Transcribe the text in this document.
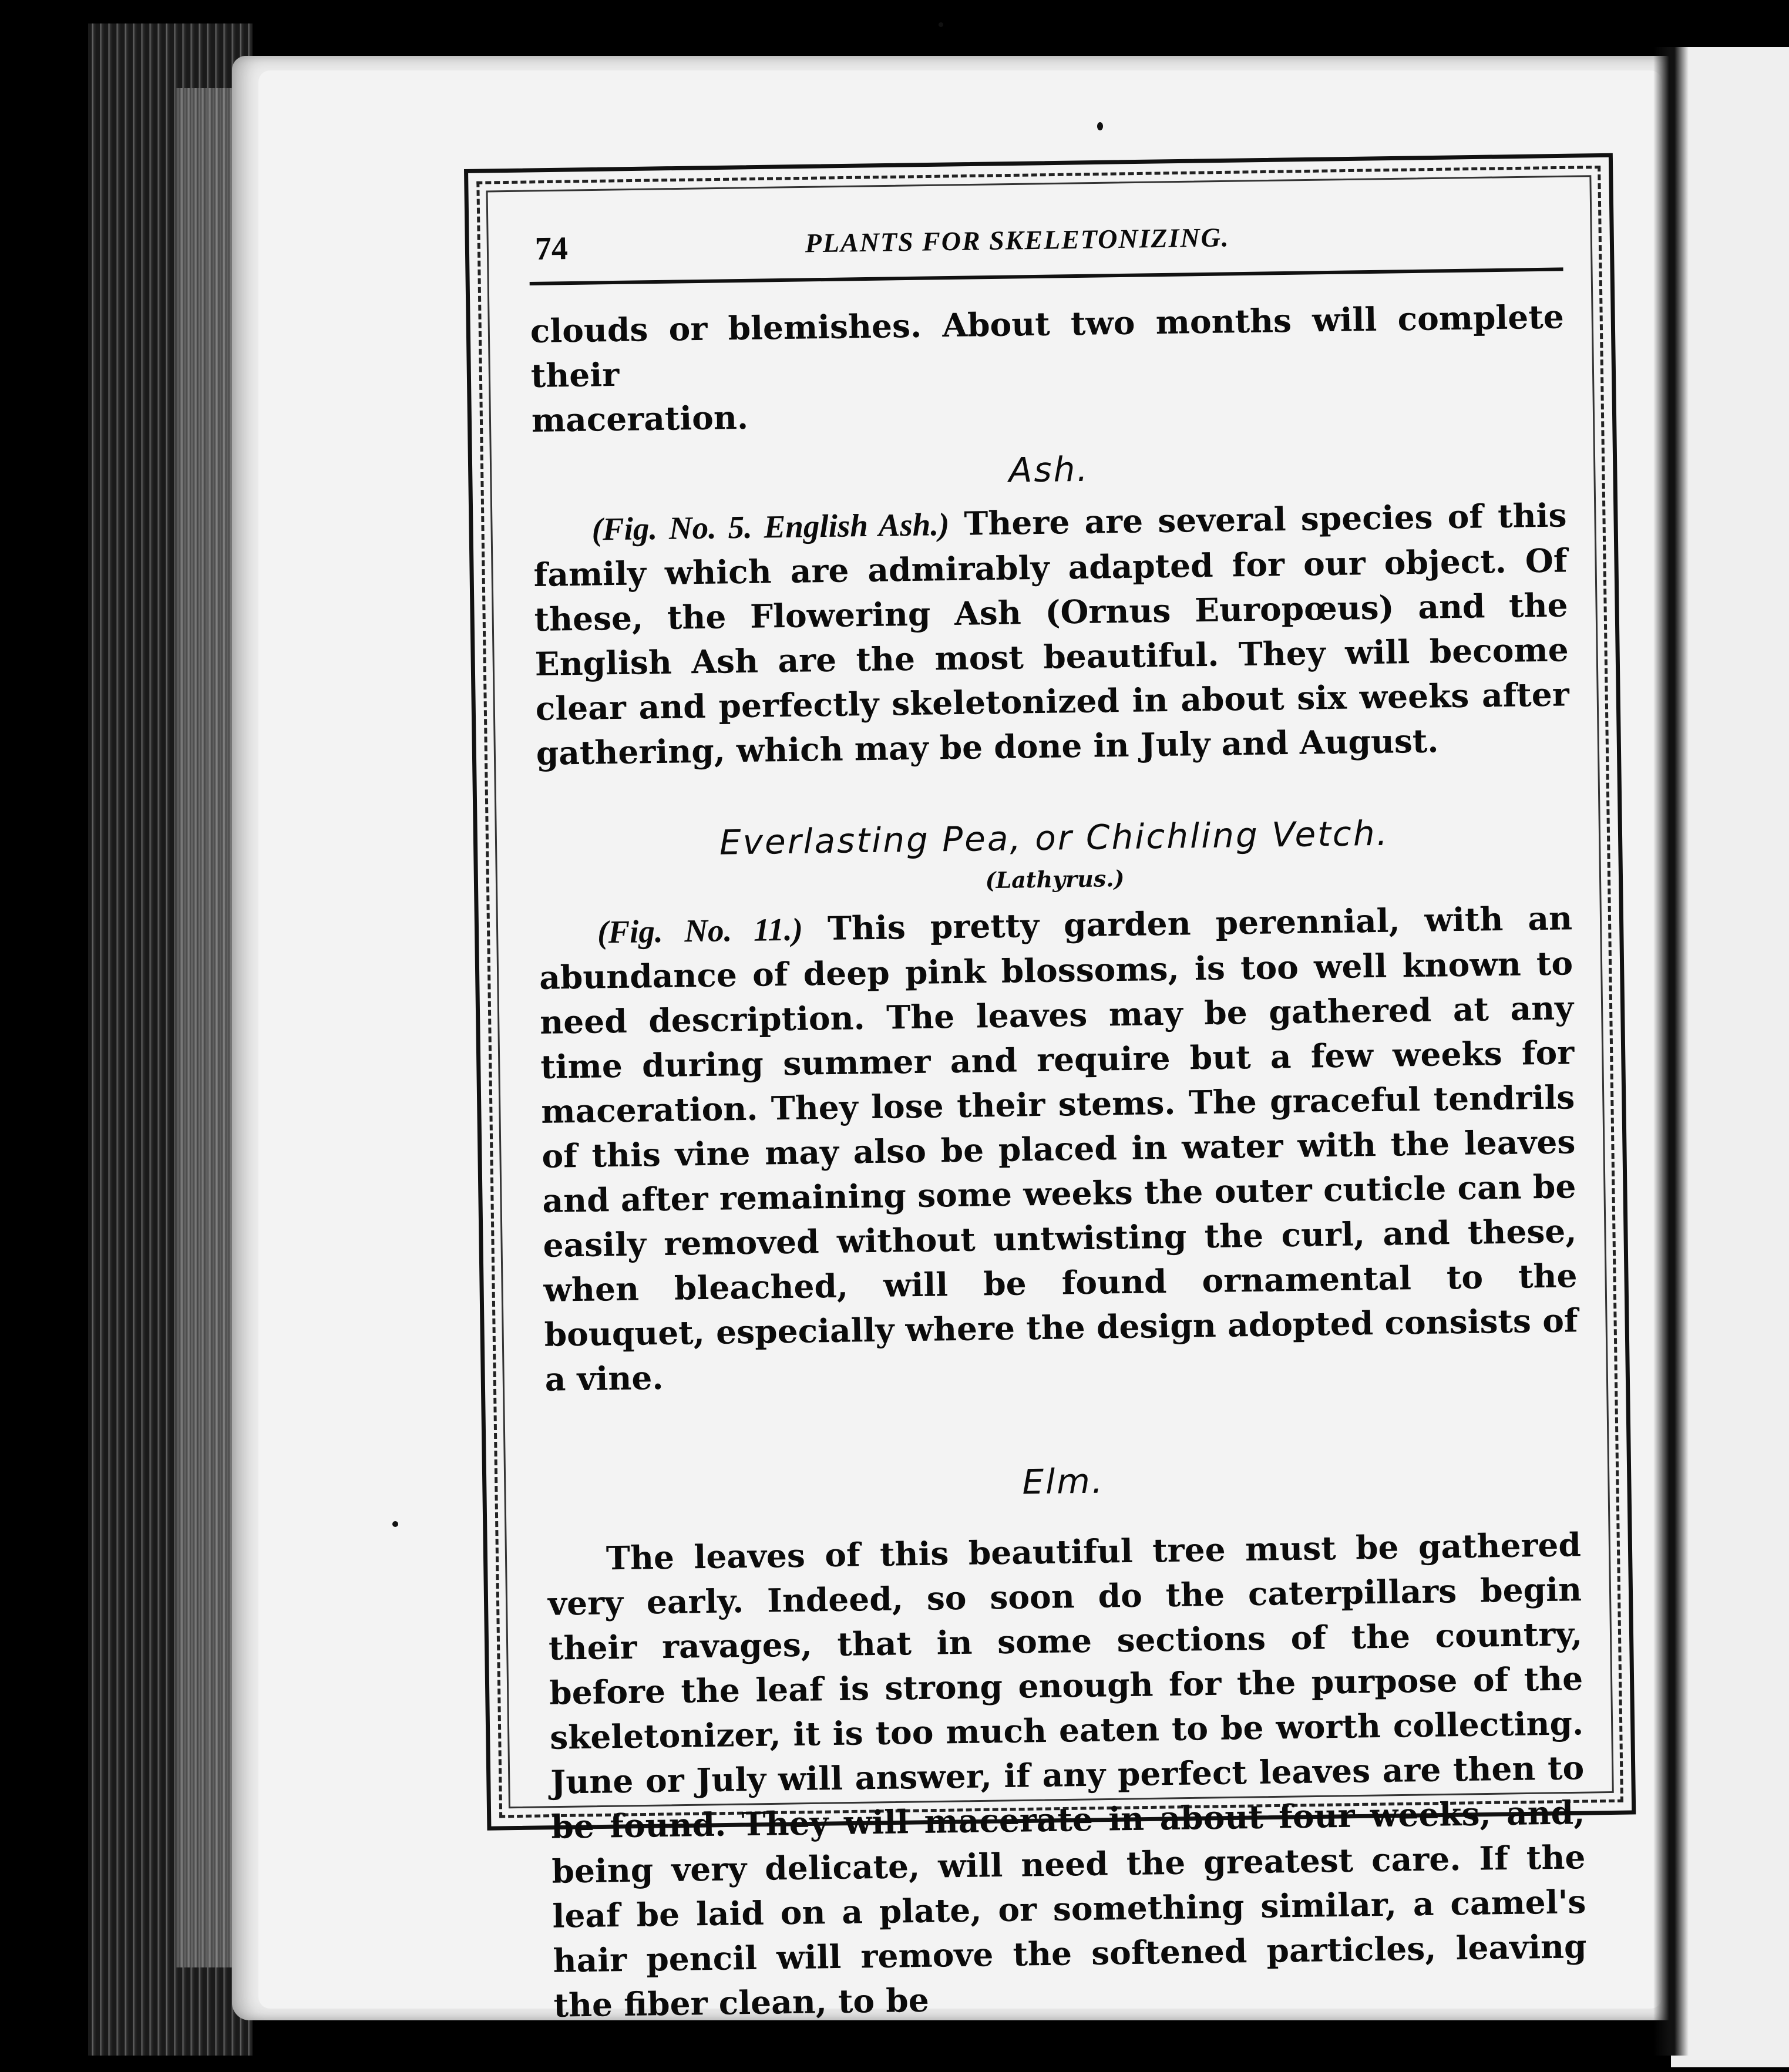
74	PLANTS FOR SKELETONIZING.

clouds or blemishes. About two months will complete their

maceration.

Ash.

(Fig. No. 5. English Ash.) There are several species of this family which are admirably adapted for our object. Of these, the Flowering Ash (Ornus Europœus) and the English Ash are the most beautiful. They will become clear and perfectly skeletonized in about six weeks after gathering, which may be done in July and August.

Everlasting Pea, or Chichling Vetch.
(Lathyrus.)

(Fig. No. 11.) This pretty garden perennial, with an abundance of deep pink blossoms, is too well known to need description. The leaves may be gathered at any time during summer and require but a few weeks for maceration. They lose their stems. The graceful tendrils of this vine may also be placed in water with the leaves and after remaining some weeks the outer cuticle can be easily removed without untwisting the curl, and these, when bleached, will be found ornamental to the bouquet, especially where the design adopted consists of a vine.

Elm.

The leaves of this beautiful tree must be gathered very early. Indeed, so soon do the caterpillars begin their ravages, that in some sections of the country, before the leaf is strong enough for the purpose of the skeletonizer, it is too much eaten to be worth collecting. June or July will answer, if any perfect leaves are then to be found. They will macerate in about four weeks, and, being very delicate, will need the greatest care. If the leaf be laid on a plate, or something similar, a camel's hair pencil will remove the softened particles, leaving the fiber clean, to be
